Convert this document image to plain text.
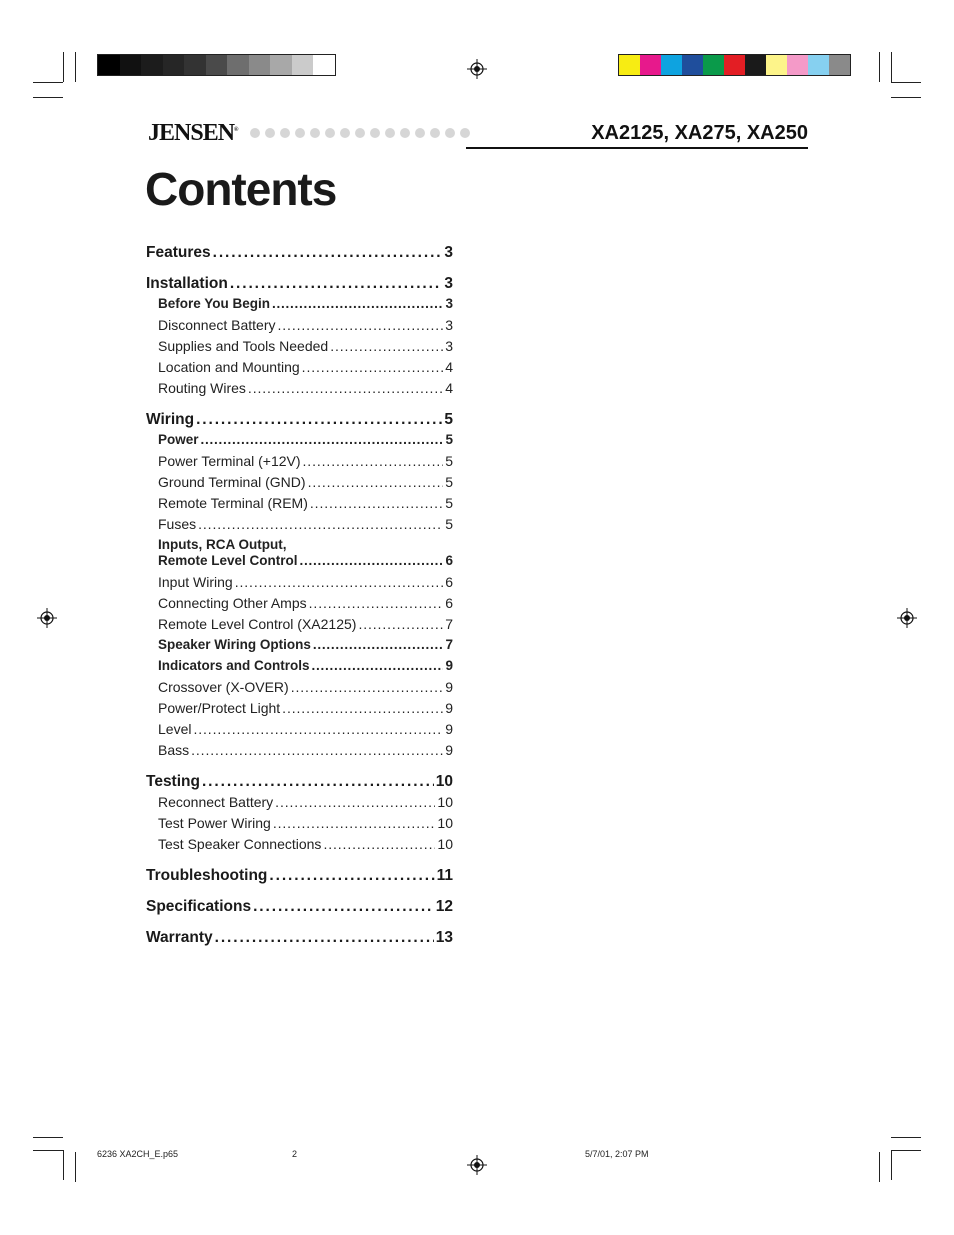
JENSEN®	XA2125, XA275, XA250
Contents
Features . . .	3
Installation . . .	3
Before You Begin . . .	3
Disconnect Battery . . .	3
Supplies and Tools Needed . . .	3
Location and Mounting . . .	4
Routing Wires . . .	4
Wiring . . .	5
Power . . .	5
Power Terminal (+12V) . . .	5
Ground Terminal (GND) . . .	5
Remote Terminal (REM) . . .	5
Fuses . . .	5
Inputs, RCA Output,
Remote Level Control . . .	6
Input Wiring . . .	6
Connecting Other Amps . . .	6
Remote Level Control (XA2125) . . .	7
Speaker Wiring Options . . .	7
Indicators and Controls . . .	9
Crossover (X-OVER) . . .	9
Power/Protect Light . . .	9
Level . . .	9
Bass . . .	9
Testing . . .	10
Reconnect Battery . . .	10
Test Power Wiring . . .	10
Test Speaker Connections . . .	10
Troubleshooting . . .	11
Specifications . . .	12
Warranty . . .	13
6236 XA2CH_E.p65	2	5/7/01, 2:07 PM
